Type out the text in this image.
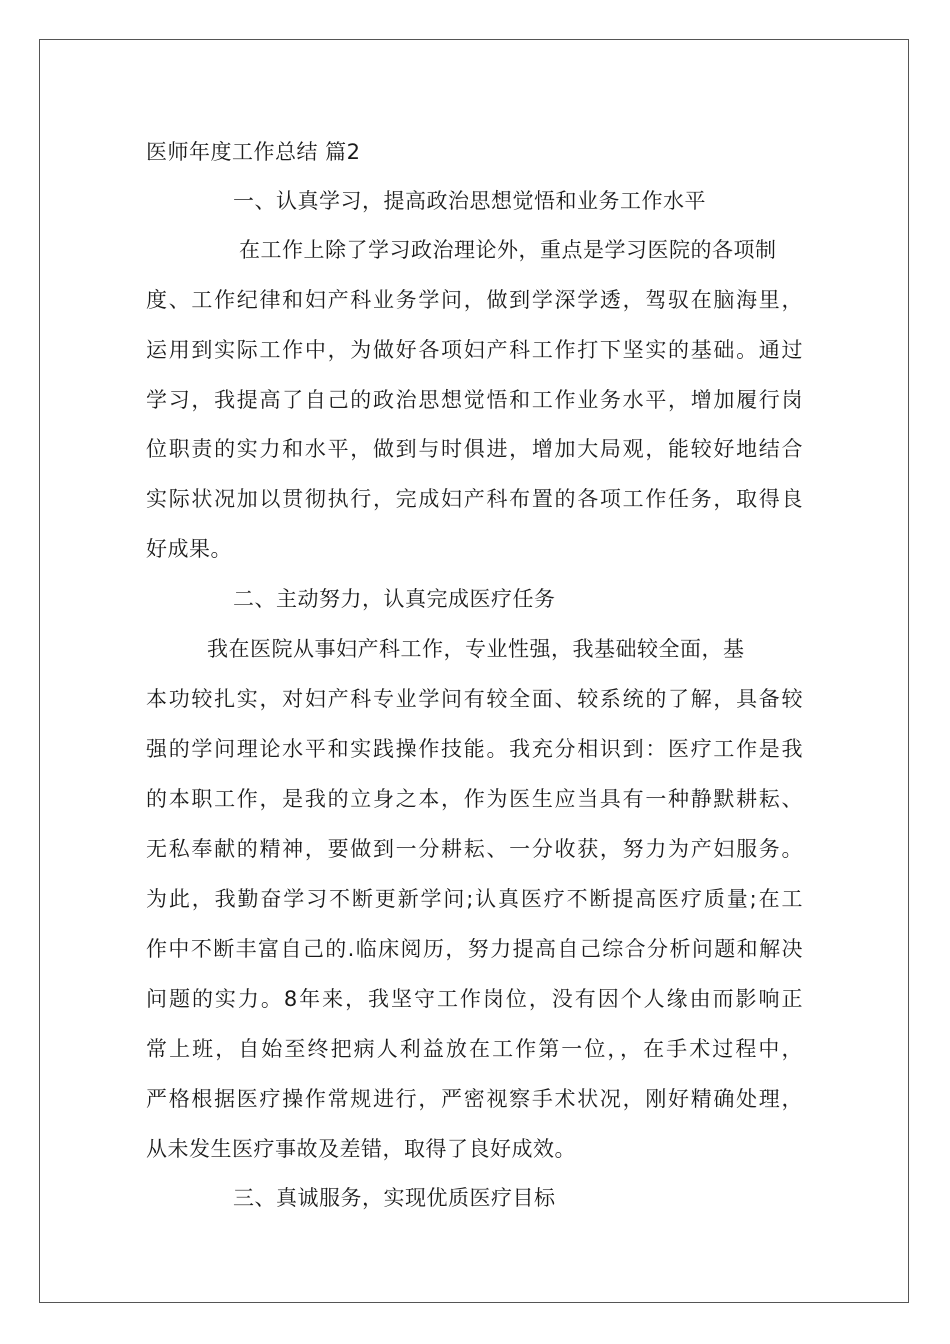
医师年度工作总结 篇2
一、认真学习，提高政治思想觉悟和业务工作水平
在工作上除了学习政治理论外，重点是学习医院的各项制
度、工作纪律和妇产科业务学问，做到学深学透，驾驭在脑海里，
运用到实际工作中，为做好各项妇产科工作打下坚实的基础。通过
学习，我提高了自己的政治思想觉悟和工作业务水平，增加履行岗
位职责的实力和水平，做到与时俱进，增加大局观，能较好地结合
实际状况加以贯彻执行，完成妇产科布置的各项工作任务，取得良
好成果。
二、主动努力，认真完成医疗任务
我在医院从事妇产科工作，专业性强，我基础较全面，基
本功较扎实，对妇产科专业学问有较全面、较系统的了解，具备较
强的学问理论水平和实践操作技能。我充分相识到：医疗工作是我
的本职工作，是我的立身之本，作为医生应当具有一种静默耕耘、
无私奉献的精神，要做到一分耕耘、一分收获，努力为产妇服务。
为此，我勤奋学习不断更新学问;认真医疗不断提高医疗质量;在工
作中不断丰富自己的.临床阅历，努力提高自己综合分析问题和解决
问题的实力。8年来，我坚守工作岗位，没有因个人缘由而影响正
常上班，自始至终把病人利益放在工作第一位，，在手术过程中，
严格根据医疗操作常规进行，严密视察手术状况，刚好精确处理，
从未发生医疗事故及差错，取得了良好成效。
三、真诚服务，实现优质医疗目标
